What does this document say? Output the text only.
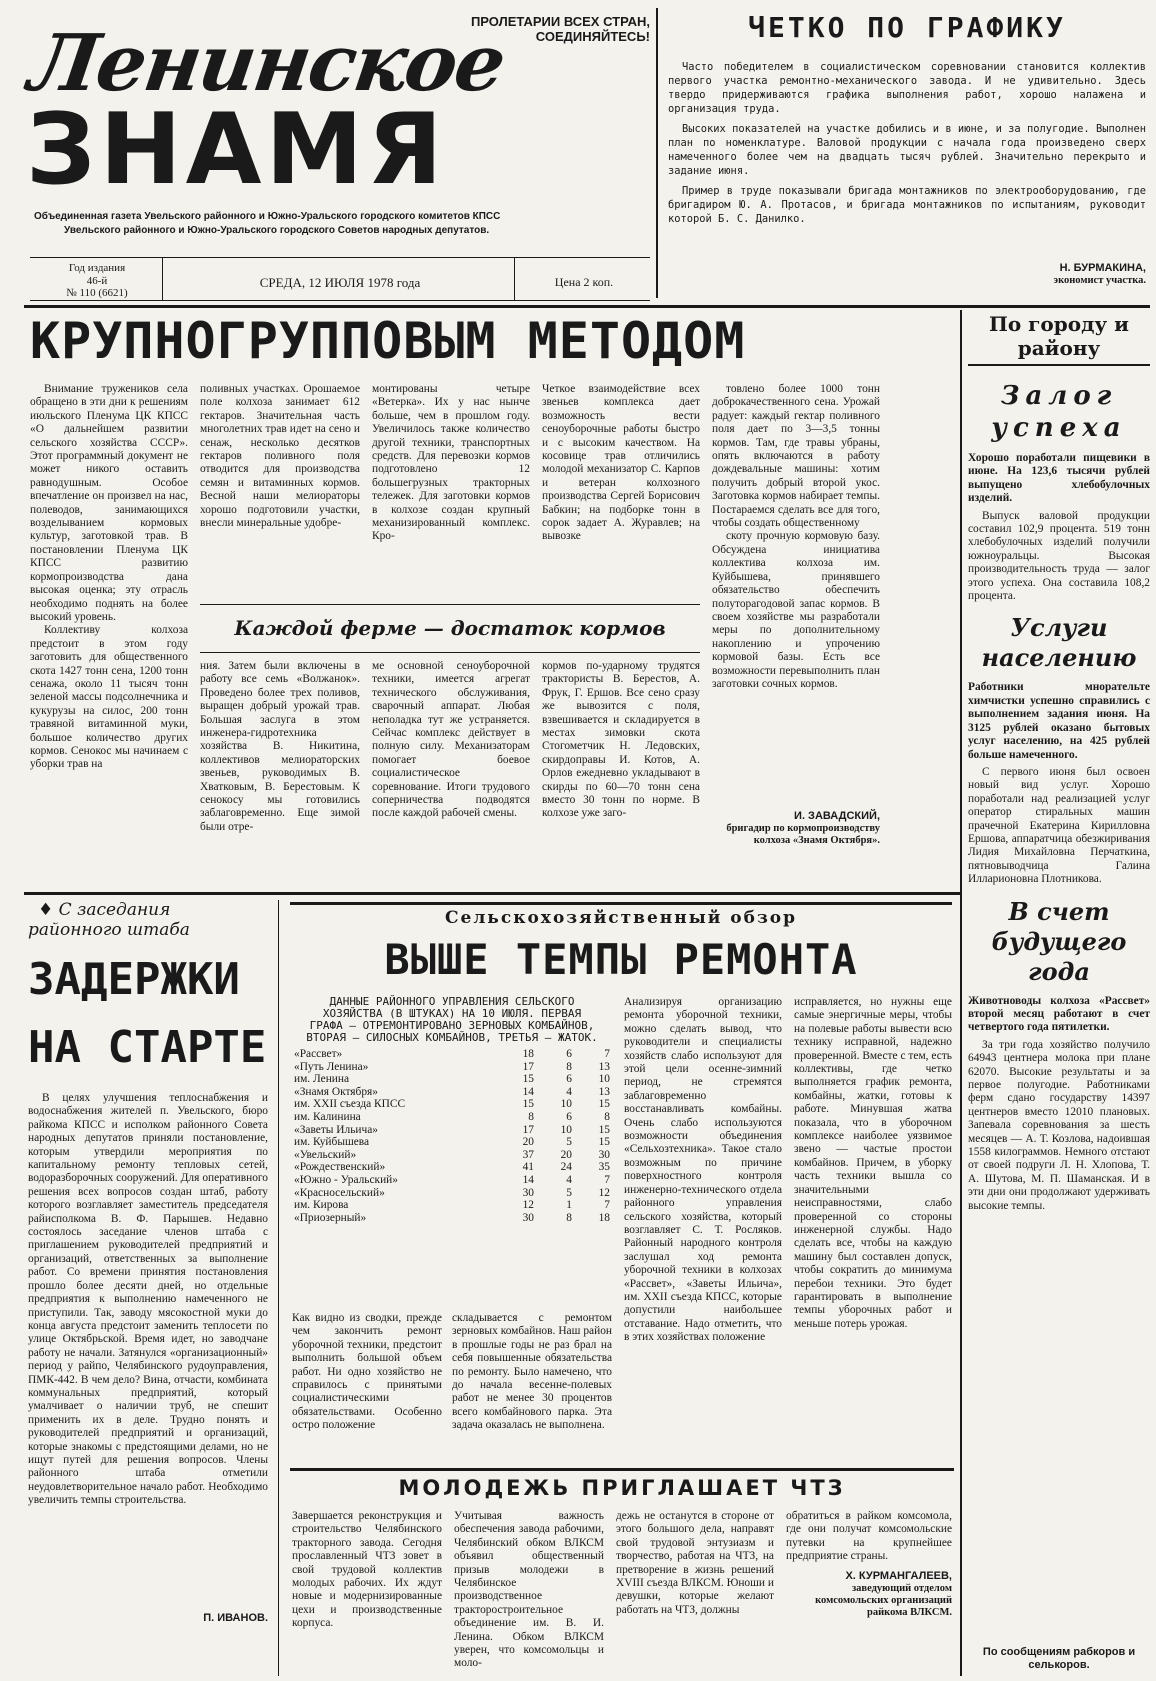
ПРОЛЕТАРИИ ВСЕХ СТРАН, СОЕДИНЯЙТЕСЬ!
Ленинское
ЗНАМЯ
Объединенная газета Увельского районного и Южно-Уральского городского комитетов КПСС
Увельского районного и Южно-Уральского городского Советов народных депутатов.
Год издания
46-й
№ 110 (6621)
СРЕДА, 12 ИЮЛЯ 1978 года	Цена 2 коп.
ЧЕТКО ПО ГРАФИКУ

Часто победителем в социалистическом соревновании становится коллектив первого участка ремонтно-механического завода. И не удивительно. Здесь твердо придерживаются графика выполнения работ, хорошо налажена и организация труда.

Высоких показателей на участке добились и в июне, и за полугодие. Выполнен план по номенклатуре. Валовой продукции с начала года произведено сверх намеченного более чем на двадцать тысяч рублей. Значительно перекрыто и задание июня.

Пример в труде показывали бригада монтажников по электрооборудованию, где бригадиром Ю. А. Протасов, и бригада монтажников по испытаниям, руководит которой Б. С. Данилко.

Н. БУРМАКИНА,
экономист участка.
КРУПНОГРУППОВЫМ МЕТОДОМ

Внимание тружеников села обращено в эти дни к решениям июльского Пленума ЦК КПСС «О дальнейшем развитии сельского хозяйства СССР». Этот программный документ не может никого оставить равнодушным. Особое впечатление он произвел на нас, полеводов, занимающихся возделыванием кормовых культур, заготовкой трав. В постановлении Пленума ЦК КПСС развитию кормопроизводства дана высокая оценка; эту отрасль необходимо поднять на более высокий уровень.

Коллективу колхоза предстоит в этом году заготовить для общественного скота 1427 тонн сена, 1200 тонн сенажа, около 11 тысяч тонн зеленой массы подсолнечника и кукурузы на силос, 200 тонн травяной витаминной муки, большое количество других кормов. Сенокос мы начинаем с уборки трав на

поливных участках. Орошаемое поле колхоза занимает 612 гектаров. Значительная часть многолетних трав идет на сено и сенаж, несколько десятков гектаров поливного поля отводится для производства семян и витаминных кормов. Весной наши мелиораторы хорошо подготовили участки, внесли минеральные удобре-
монтированы четыре «Ветерка». Их у нас нынче больше, чем в прошлом году. Увеличилось также количество другой техники, транспортных средств. Для перевозки кормов подготовлено 12 большегрузных тракторных тележек. Для заготовки кормов в колхозе создан крупный механизированный комплекс. Кро-
Четкое взаимодействие всех звеньев комплекса дает возможность вести сеноуборочные работы быстро и с высоким качеством. На косовице трав отличились молодой механизатор С. Карпов и ветеран колхозного производства Сергей Борисович Бабкин; на подборке тонн в сорок задает А. Журавлев; на вывозке

товлено более 1000 тонн доброкачественного сена. Урожай радует: каждый гектар поливного поля дает по 3—3,5 тонны кормов. Там, где травы убраны, опять включаются в работу дождевальные машины: хотим получить добрый второй укос. Заготовка кормов набирает темпы. Постараемся сделать все для того, чтобы создать общественному

скоту прочную кормовую базу. Обсуждена инициатива коллектива колхоза им. Куйбышева, принявшего обязательство обеспечить полуторагодовой запас кормов. В своем хозяйстве мы разработали меры по дополнительному накоплению и упрочению кормовой базы. Есть все возможности перевыполнить план заготовки сочных кормов.

Каждой ферме — достаток кормов
ния. Затем были включены в работу все семь «Волжанок». Проведено более трех поливов, выращен добрый урожай трав. Большая заслуга в этом инженера-гидротехника хозяйства В. Никитина, коллективов мелиораторских звеньев, руководимых В. Хватковым, В. Берестовым. К сенокосу мы готовились заблаговременно. Еще зимой были отре-
ме основной сеноуборочной техники, имеется агрегат технического обслуживания, сварочный аппарат. Любая неполадка тут же устраняется. Сейчас комплекс действует в полную силу. Механизаторам помогает боевое социалистическое соревнование. Итоги трудового соперничества подводятся после каждой рабочей смены.
кормов по-ударному трудятся трактористы В. Берестов, А. Фрук, Г. Ершов. Все сено сразу же вывозится с поля, взвешивается и складируется в местах зимовки скота Стогометчик Н. Ледовских, скирдоправы И. Котов, А. Орлов ежедневно укладывают в скирды по 60—70 тонн сена вместо 30 тонн по норме. В колхозе уже заго-	И. ЗАВАДСКИЙ,
бригадир по кормопроизводству колхоза «Знамя Октября».
По городу и району
Залог успеха
Хорошо поработали пищевики в июне. На 123,6 тысячи рублей выпущено хлебобулочных изделий.

Выпуск валовой продукции составил 102,9 процента. 519 тонн хлебобулочных изделий получили южноуральцы. Высокая производительность труда — залог этого успеха. Она составила 108,2 процента.

Услуги населению
Работники мнорательте химчистки успешно справились с выполнением задания июня. На 3125 рублей оказано бытовых услуг населению, на 425 рублей больше намеченного.

С первого июня был освоен новый вид услуг. Хорошо поработали над реализацией услуг оператор стиральных машин прачечной Екатерина Кирилловна Ершова, аппаратчица обезжиривания Лидия Михайловна Перчаткина, пятновыводчица Галина Илларионовна Плотникова.

В счет будущего года
Животноводы колхоза «Рассвет» второй месяц работают в счет четвертого года пятилетки.

За три года хозяйство получило 64943 центнера молока при плане 62070. Высокие результаты и за первое полугодие. Работниками ферм сдано государству 14397 центнеров вместо 12010 плановых. Запевала соревнования за шесть месяцев — А. Т. Козлова, надоившая 1558 килограммов. Немного отстают от своей подруги Л. Н. Хлопова, Т. А. Шутова, М. П. Шаманская. И в эти дни они продолжают удерживать высокие темпы.

По сообщениям рабкоров и селькоров.
♦ С заседания
районного штаба
ЗАДЕРЖКИ
НА СТАРТЕ

В целях улучшения теплоснабжения и водоснабжения жителей п. Увельского, бюро райкома КПСС и исполком районного Совета народных депутатов приняли постановление, которым утвердили мероприятия по капитальному ремонту тепловых сетей, водоразборочных сооружений. Для оперативного решения всех вопросов создан штаб, работу которого возглавляет заместитель председателя райисполкома В. Ф. Парышев. Недавно состоялось заседание членов штаба с приглашением руководителей предприятий и организаций, ответственных за выполнение работ. Со времени принятия постановления прошло более десяти дней, но отдельные предприятия к выполнению намеченного не приступили. Так, заводу мясокостной муки до конца августа предстоит заменить теплосети по улице Октябрьской. Время идет, но заводчане работу не начали. Затянулся «организационный» период у райпо, Челябинского рудоуправления, ПМК-442. В чем дело? Вина, отчасти, комбината коммунальных предприятий, который умалчивает о наличии труб, не спешит применить их в деле. Трудно понять и руководителей предприятий и организаций, которые знакомы с предстоящими делами, но не ищут путей для решения вопросов. Члены районного штаба отметили неудовлетворительное начало работ. Необходимо увеличить темпы строительства.

П. ИВАНОВ.
Сельскохозяйственный обзор
ВЫШЕ ТЕМПЫ РЕМОНТА
ДАННЫЕ РАЙОННОГО УПРАВЛЕНИЯ СЕЛЬСКОГО ХОЗЯЙСТВА (В ШТУКАХ) НА 10 ИЮЛЯ. ПЕРВАЯ ГРАФА — ОТРЕМОНТИРОВАНО ЗЕРНОВЫХ КОМБАЙНОВ, ВТОРАЯ — СИЛОСНЫХ КОМБАЙНОВ, ТРЕТЬЯ — ЖАТОК.
«Рассвет»	18	6	7
«Путь Ленина»	17	8	13
им. Ленина	15	6	10
«Знамя Октября»	14	4	13
им. XXII съезда КПСС	15	10	15
им. Калинина	8	6	8
«Заветы Ильича»	17	10	15
им. Куйбышева	20	5	15
«Увельский»	37	20	30
«Рождественский»	41	24	35
«Южно - Уральский»	14	4	7
«Красносельский»	30	5	12
им. Кирова	12	1	7
«Приозерный»	30	8	18
Как видно из сводки, прежде чем закончить ремонт уборочной техники, предстоит выполнить большой объем работ. Ни одно хозяйство не справилось с принятыми социалистическими обязательствами. Особенно остро положение
складывается с ремонтом зерновых комбайнов. Наш район в прошлые годы не раз брал на себя повышенные обязательства по ремонту. Было намечено, что до начала весенне-полевых работ не менее 30 процентов всего комбайнового парка. Эта задача оказалась не выполнена.
Анализируя организацию ремонта уборочной техники, можно сделать вывод, что руководители и специалисты хозяйств слабо используют для этой цели осенне-зимний период, не стремятся заблаговременно восстанавливать комбайны. Очень слабо используются возможности объединения «Сельхозтехника». Такое стало возможным по причине поверхностного контроля инженерно-технического отдела районного управления сельского хозяйства, который возглавляет С. Т. Росляков. Районный народного контроля заслушал ход ремонта уборочной техники в колхозах «Рассвет», «Заветы Ильича», им. XXII съезда КПСС, которые допустили наибольшее отставание. Надо отметить, что в этих хозяйствах положение
исправляется, но нужны еще самые энергичные меры, чтобы на полевые работы вывести всю технику исправной, надежно проверенной. Вместе с тем, есть коллективы, где четко выполняется график ремонта, комбайны, жатки, готовы к работе. Минувшая жатва показала, что в уборочном комплексе наиболее уязвимое звено — частые простои комбайнов. Причем, в уборку часть техники вышла со значительными неисправностями, слабо проверенной со стороны инженерной службы. Надо сделать все, чтобы на каждую машину был составлен допуск, чтобы сократить до минимума перебои техники. Это будет гарантировать в выполнение темпы уборочных работ и меньше потерь урожая.
МОЛОДЕЖЬ ПРИГЛАШАЕТ ЧТЗ
Завершается реконструкция и строительство Челябинского тракторного завода. Сегодня прославленный ЧТЗ зовет в свой трудовой коллектив молодых рабочих. Их ждут новые и модернизированные цехи и производственные корпуса.
Учитывая важность обеспечения завода рабочими, Челябинский обком ВЛКСМ объявил общественный призыв молодежи в Челябинское производственное тракторостроительное объединение им. В. И. Ленина. Обком ВЛКСМ уверен, что комсомольцы и моло-
дежь не останутся в стороне от этого большого дела, направят свой трудовой энтузиазм и творчество, работая на ЧТЗ, на претворение в жизнь решений XVIII съезда ВЛКСМ. Юноши и девушки, которые желают работать на ЧТЗ, должны
обратиться в райком комсомола, где они получат комсомольские путевки на крупнейшее предприятие страны.
Х. КУРМАНГАЛЕЕВ,
заведующий отделом комсомольских организаций райкома ВЛКСМ.
